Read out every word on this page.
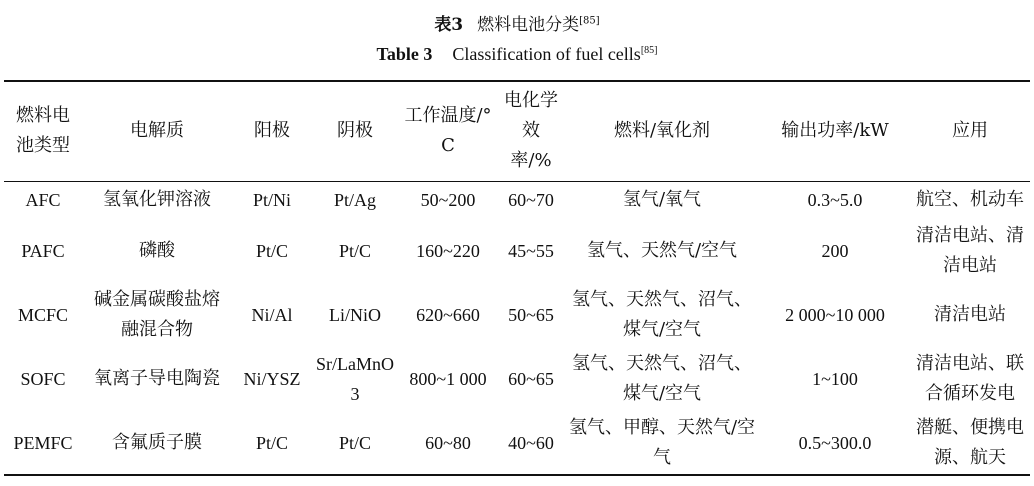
表3 燃料电池分类[85]
Table 3 Classification of fuel cells[85]
燃料电池类型	电解质	阳极	阴极	工作温度/°C	电化学效率/%	燃料/氧化剂	输出功率/kW	应用
AFC	氢氧化钾溶液	Pt/Ni	Pt/Ag	50~200	60~70	氢气/氧气	0.3~5.0	航空、机动车
PAFC	磷酸	Pt/C	Pt/C	160~220	45~55	氢气、天然气/空气	200	清洁电站、清洁电站
MCFC	碱金属碳酸盐熔融混合物	Ni/Al	Li/NiO	620~660	50~65	氢气、天然气、沼气、煤气/空气	2 000~10 000	清洁电站
SOFC	氧离子导电陶瓷	Ni/YSZ	Sr/LaMnO3	800~1 000	60~65	氢气、天然气、沼气、煤气/空气	1~100	清洁电站、联合循环发电
PEMFC	含氟质子膜	Pt/C	Pt/C	60~80	40~60	氢气、甲醇、天然气/空气	0.5~300.0	潜艇、便携电源、航天
